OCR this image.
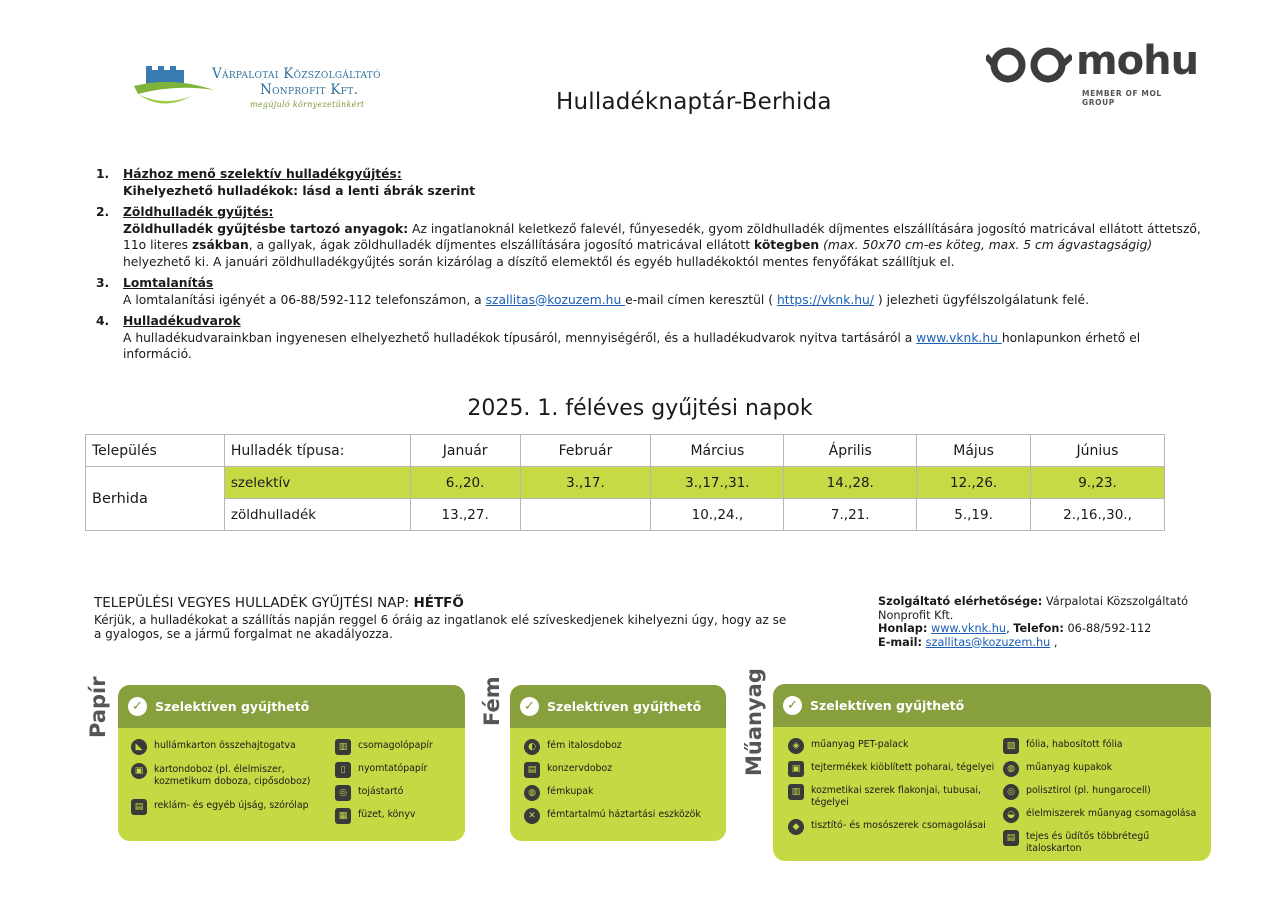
Várpalotai Közszolgáltató
Nonprofit Kft.
megújuló környezetünkért	Hulladéknaptár-Berhida
mohu
MEMBER OF MOL GROUP
1. Házhoz menő szelektív hulladékgyűjtés:
Kihelyezhető hulladékok: lásd a lenti ábrák szerint
2. Zöldhulladék gyűjtés:
Zöldhulladék gyűjtésbe tartozó anyagok: Az ingatlanoknál keletkező falevél, fűnyesedék, gyom zöldhulladék díjmentes elszállítására jogosító matricával ellátott áttetsző, 11o literes zsákban, a gallyak, ágak zöldhulladék díjmentes elszállítására jogosító matricával ellátott kötegben (max. 50x70 cm-es köteg, max. 5 cm ágvastagságig) helyezhető ki. A januári zöldhulladékgyűjtés során kizárólag a díszítő elemektől és egyéb hulladékoktól mentes fenyőfákat szállítjuk el.
3. Lomtalanítás
A lomtalanítási igényét a 06-88/592-112 telefonszámon, a szallitas@kozuzem.hu e-mail címen keresztül ( https://vknk.hu/ ) jelezheti ügyfélszolgálatunk felé.
4. Hulladékudvarok
A hulladékudvarainkban ingyenesen elhelyezhető hulladékok típusáról, mennyiségéről, és a hulladékudvarok nyitva tartásáról a www.vknk.hu honlapunkon érhető el információ.
2025. 1. féléves gyűjtési napok
Település	Hulladék típusa:	Január	Február	Március	Április	Május	Június
Berhida	szelektív	6.,20.	3.,17.	3.,17.,31.	14.,28.	12.,26.	9.,23.
	zöldhulladék	13.,27.		10.,24.,	7.,21.	5.,19.	2.,16.,30.,
TELEPÜLÉSI VEGYES HULLADÉK GYŰJTÉSI NAP: HÉTFŐ
Kérjük, a hulladékokat a szállítás napján reggel 6 óráig az ingatlanok elé szíveskedjenek kihelyezni úgy, hogy az se a gyalogos, se a jármű forgalmat ne akadályozza.
Szolgáltató elérhetősége: Várpalotai Közszolgáltató Nonprofit Kft.
Honlap: www.vknk.hu, Telefon: 06-88/592-112
E-mail: szallitas@kozuzem.hu ,
Papír	✓ Szelektíven gyűjthető
◣	hullámkarton összehajtogatva
▣	kartondoboz (pl. élelmiszer, kozmetikum doboza, cipősdoboz)
▤	reklám- és egyéb újság, szórólap
▥	csomagolópapír
▯	nyomtatópapír
◎	tojástartó
▦	füzet, könyv
Fém	✓ Szelektíven gyűjthető
◐	fém italosdoboz
▤	konzervdoboz
◍	fémkupak
✕	fémtartalmú háztartási eszközök
Műanyag	✓ Szelektíven gyűjthető
◈	műanyag PET-palack
▣	tejtermékek kiöblített poharai, tégelyei
▥	kozmetikai szerek flakonjai, tubusai, tégelyei
◆	tisztító- és mosószerek csomagolásai
▧	fólia, habosított fólia
◍	műanyag kupakok
◎	polisztirol (pl. hungarocell)
◒	élelmiszerek műanyag csomagolása
▤	tejes és üdítős többrétegű italoskarton
